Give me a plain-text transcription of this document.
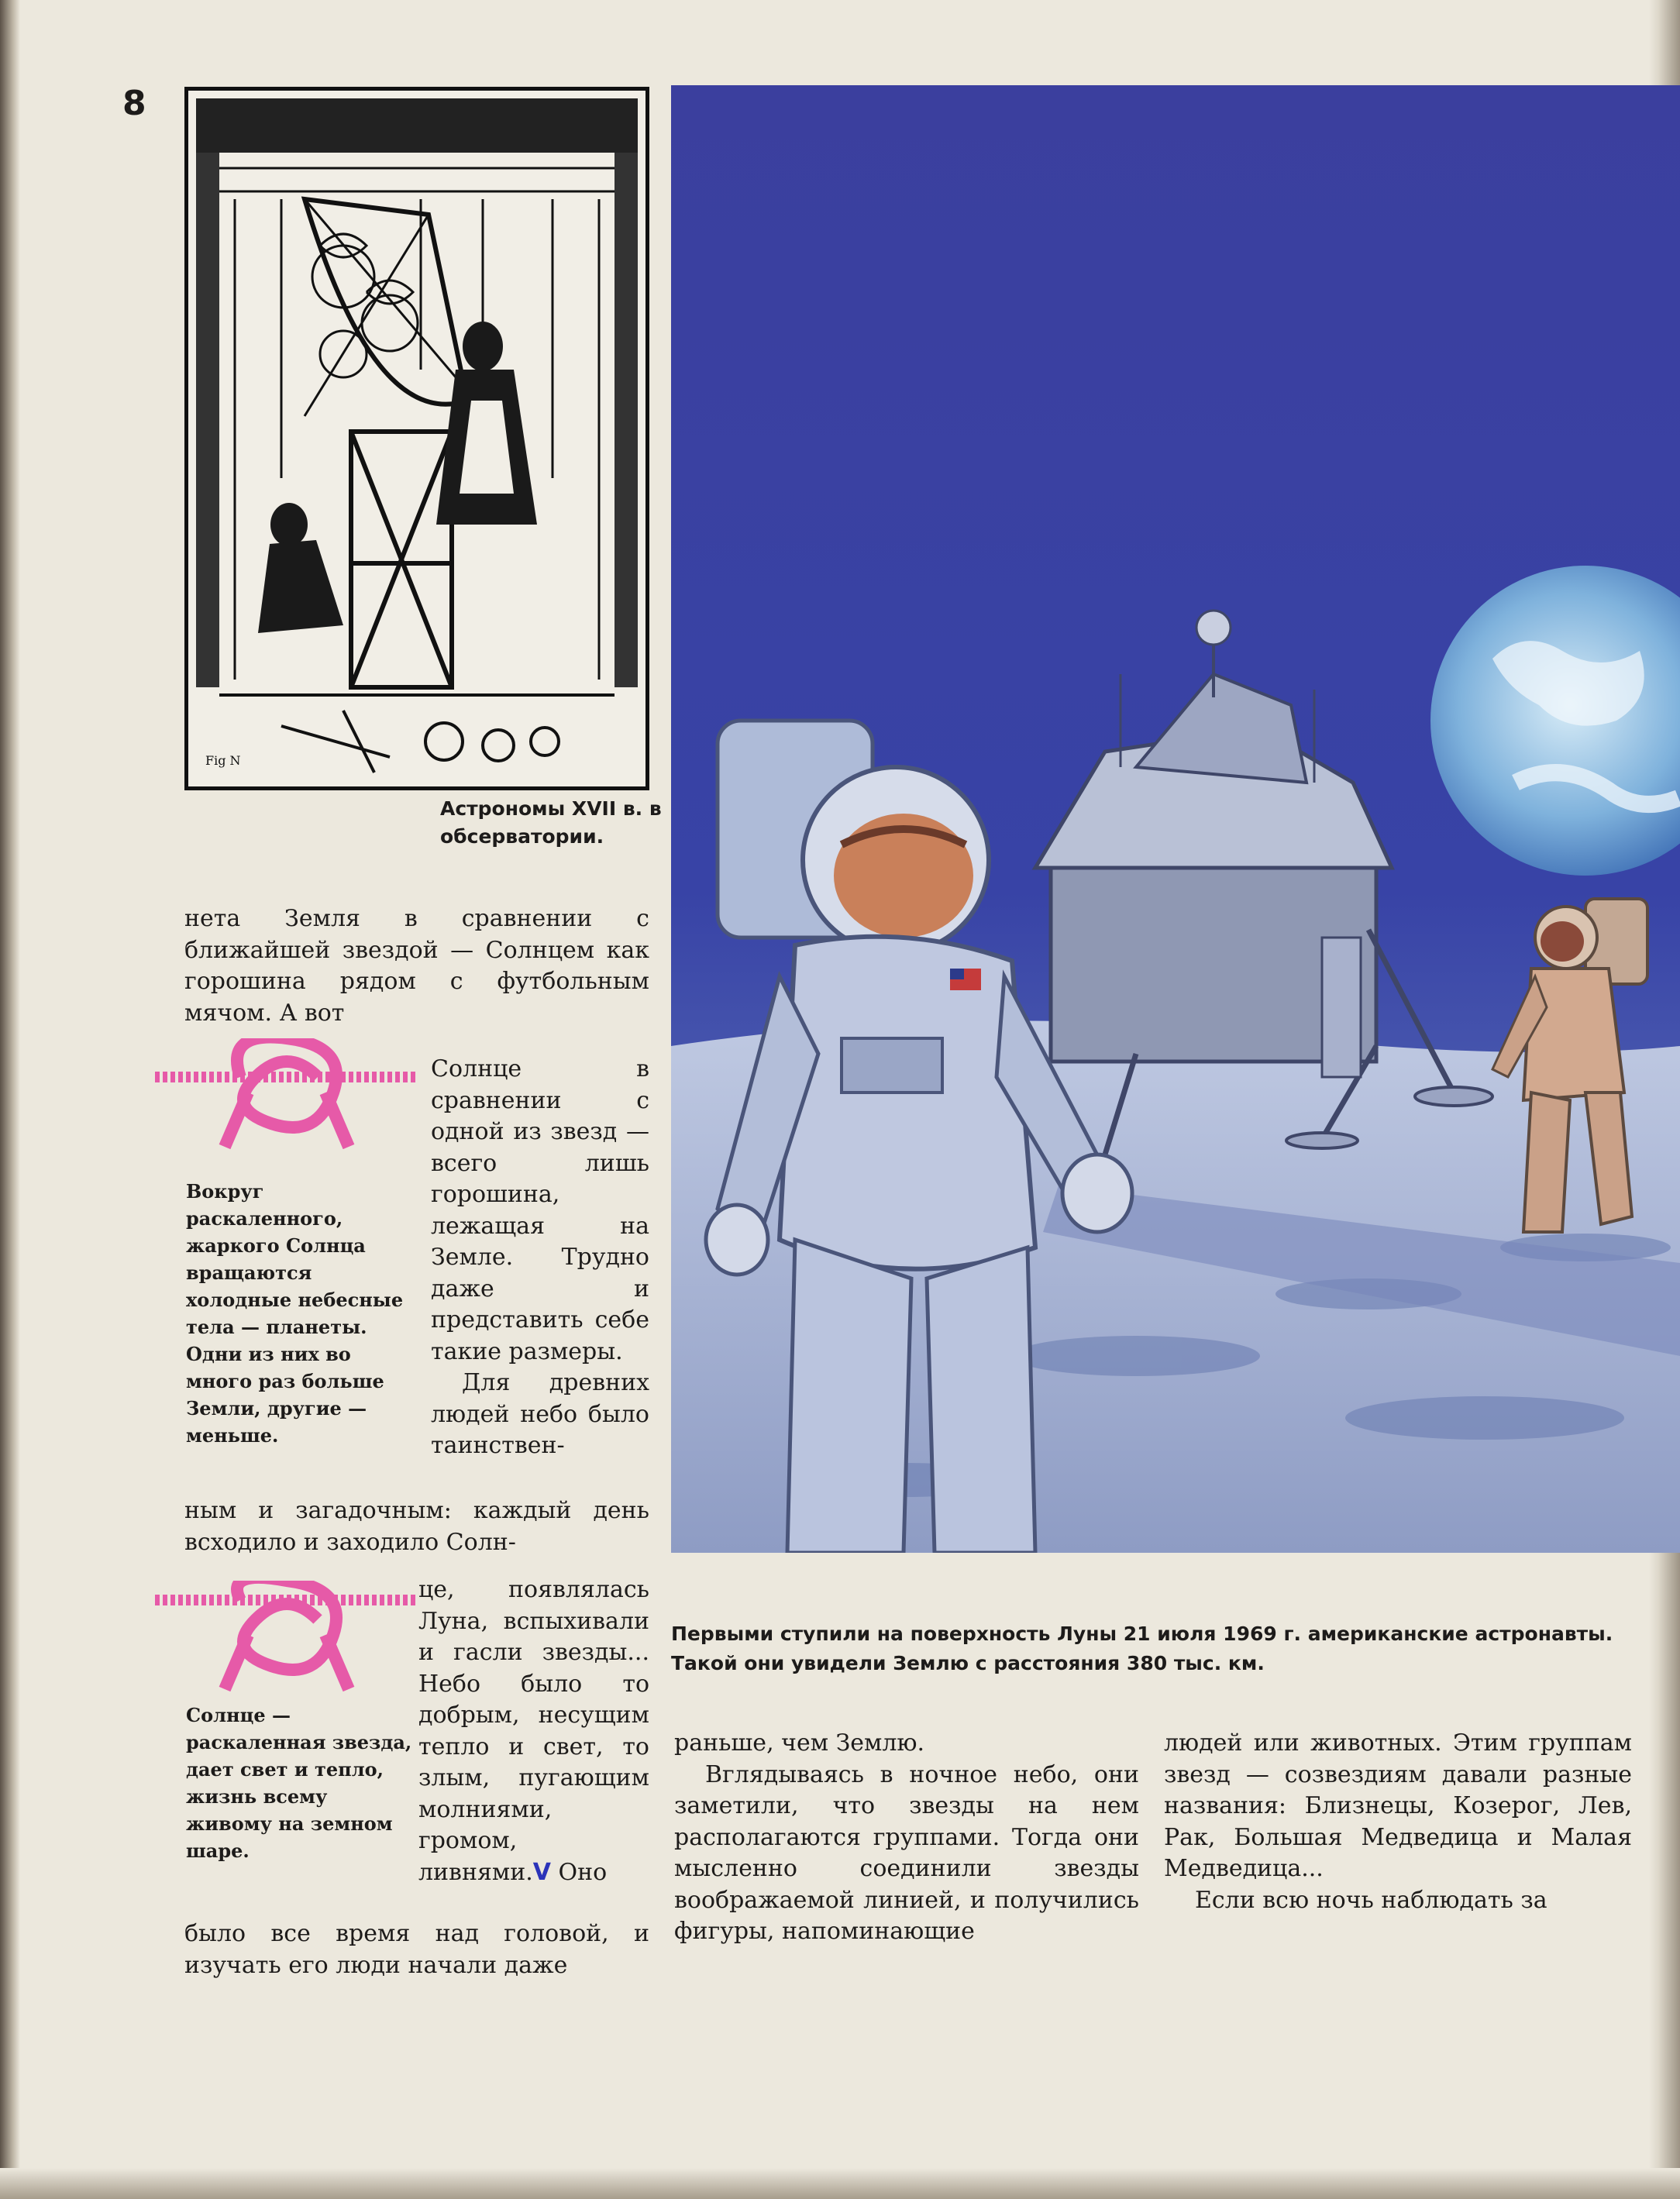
8
Fig N
Астрономы XVII в. в обсерватории.
Первыми ступили на поверхность Луны 21 июля 1969 г. американские астронавты. Такой они увидели Землю с расстояния 380 тыс. км.
Вокруг раскаленного, жаркого Солнца вращаются холодные небесные тела — планеты. Одни из них во много раз больше Земли, другие — меньше.
Солнце — раскаленная звезда, дает свет и тепло, жизнь всему живому на земном шаре.

нета Земля в сравнении с ближайшей звездой — Солнцем как горошина рядом с футбольным мячом. А вот

Солнце в сравнении с одной из звезд — всего лишь горошина, лежащая на Земле. Трудно даже и представить себе такие размеры.

Для древних людей небо было таинствен-

ным и загадочным: каждый день всходило и заходило Солн-

це, появлялась Луна, вспыхивали и гасли звезды... Небо было то добрым, несущим тепло и свет, то злым, пугающим молниями, громом, ливнями.V Оно

было все время над головой, и изучать его люди начали даже

раньше, чем Землю.

Вглядываясь в ночное небо, они заметили, что звезды на нем располагаются группами. Тогда они мысленно соединили звезды воображаемой линией, и получились фигуры, напоминающие

людей или животных. Этим группам звезд — созвездиям давали разные названия: Близнецы, Козерог, Лев, Рак, Большая Медведица и Малая Медведица...

Если всю ночь наблюдать за
